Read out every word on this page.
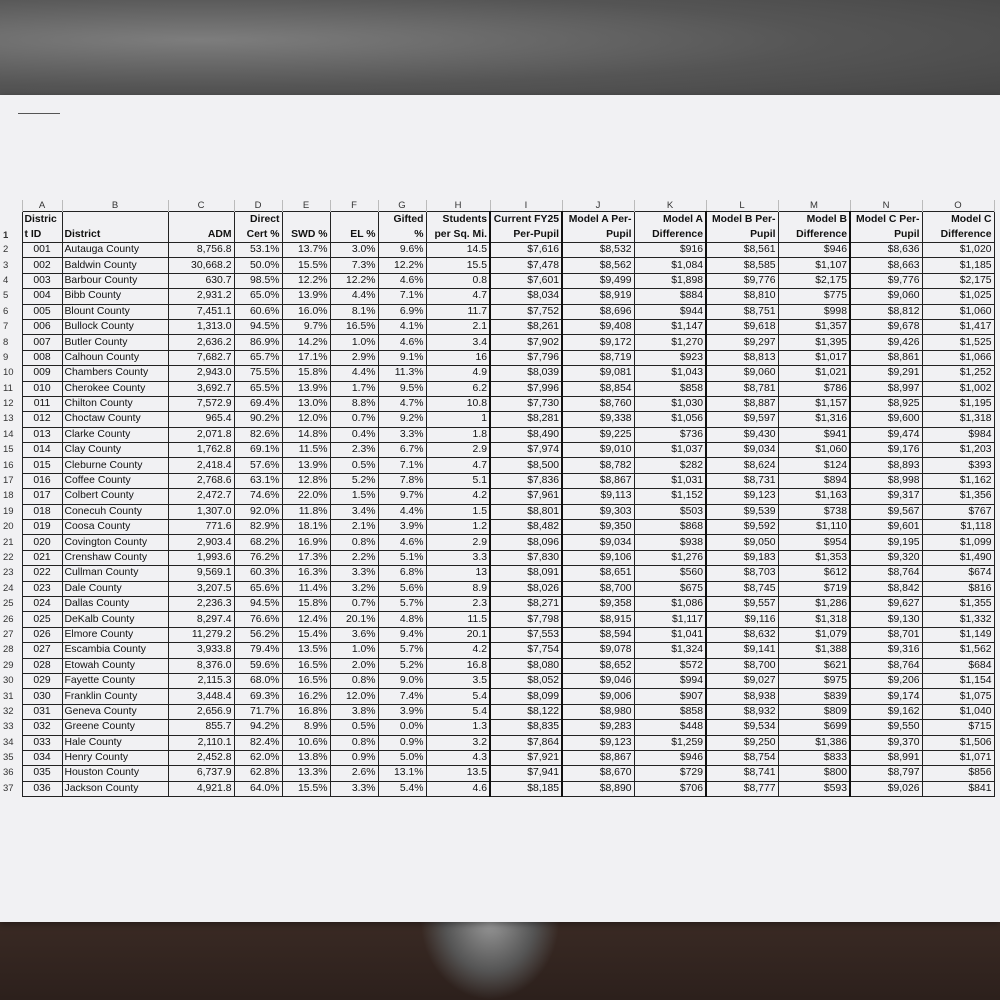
	A	B	C	D	E	F	G	H	I	J	K	L	M	N	O
	Distric			Direct			Gifted	Students	Current FY25	Model A Per-	Model A	Model B Per-	Model B	Model C Per-	Model C
1	t ID	District	ADM	Cert %	SWD %	EL %	%	per Sq. Mi.	Per-Pupil	Pupil	Difference	Pupil	Difference	Pupil	Difference
2	001	Autauga County	8,756.8	53.1%	13.7%	3.0%	9.6%	14.5	$7,616	$8,532	$916	$8,561	$946	$8,636	$1,020
3	002	Baldwin County	30,668.2	50.0%	15.5%	7.3%	12.2%	15.5	$7,478	$8,562	$1,084	$8,585	$1,107	$8,663	$1,185
4	003	Barbour County	630.7	98.5%	12.2%	12.2%	4.6%	0.8	$7,601	$9,499	$1,898	$9,776	$2,175	$9,776	$2,175
5	004	Bibb County	2,931.2	65.0%	13.9%	4.4%	7.1%	4.7	$8,034	$8,919	$884	$8,810	$775	$9,060	$1,025
6	005	Blount County	7,451.1	60.6%	16.0%	8.1%	6.9%	11.7	$7,752	$8,696	$944	$8,751	$998	$8,812	$1,060
7	006	Bullock County	1,313.0	94.5%	9.7%	16.5%	4.1%	2.1	$8,261	$9,408	$1,147	$9,618	$1,357	$9,678	$1,417
8	007	Butler County	2,636.2	86.9%	14.2%	1.0%	4.6%	3.4	$7,902	$9,172	$1,270	$9,297	$1,395	$9,426	$1,525
9	008	Calhoun County	7,682.7	65.7%	17.1%	2.9%	9.1%	16	$7,796	$8,719	$923	$8,813	$1,017	$8,861	$1,066
10	009	Chambers County	2,943.0	75.5%	15.8%	4.4%	11.3%	4.9	$8,039	$9,081	$1,043	$9,060	$1,021	$9,291	$1,252
11	010	Cherokee County	3,692.7	65.5%	13.9%	1.7%	9.5%	6.2	$7,996	$8,854	$858	$8,781	$786	$8,997	$1,002
12	011	Chilton County	7,572.9	69.4%	13.0%	8.8%	4.7%	10.8	$7,730	$8,760	$1,030	$8,887	$1,157	$8,925	$1,195
13	012	Choctaw County	965.4	90.2%	12.0%	0.7%	9.2%	1	$8,281	$9,338	$1,056	$9,597	$1,316	$9,600	$1,318
14	013	Clarke County	2,071.8	82.6%	14.8%	0.4%	3.3%	1.8	$8,490	$9,225	$736	$9,430	$941	$9,474	$984
15	014	Clay County	1,762.8	69.1%	11.5%	2.3%	6.7%	2.9	$7,974	$9,010	$1,037	$9,034	$1,060	$9,176	$1,203
16	015	Cleburne County	2,418.4	57.6%	13.9%	0.5%	7.1%	4.7	$8,500	$8,782	$282	$8,624	$124	$8,893	$393
17	016	Coffee County	2,768.6	63.1%	12.8%	5.2%	7.8%	5.1	$7,836	$8,867	$1,031	$8,731	$894	$8,998	$1,162
18	017	Colbert County	2,472.7	74.6%	22.0%	1.5%	9.7%	4.2	$7,961	$9,113	$1,152	$9,123	$1,163	$9,317	$1,356
19	018	Conecuh County	1,307.0	92.0%	11.8%	3.4%	4.4%	1.5	$8,801	$9,303	$503	$9,539	$738	$9,567	$767
20	019	Coosa County	771.6	82.9%	18.1%	2.1%	3.9%	1.2	$8,482	$9,350	$868	$9,592	$1,110	$9,601	$1,118
21	020	Covington County	2,903.4	68.2%	16.9%	0.8%	4.6%	2.9	$8,096	$9,034	$938	$9,050	$954	$9,195	$1,099
22	021	Crenshaw County	1,993.6	76.2%	17.3%	2.2%	5.1%	3.3	$7,830	$9,106	$1,276	$9,183	$1,353	$9,320	$1,490
23	022	Cullman County	9,569.1	60.3%	16.3%	3.3%	6.8%	13	$8,091	$8,651	$560	$8,703	$612	$8,764	$674
24	023	Dale County	3,207.5	65.6%	11.4%	3.2%	5.6%	8.9	$8,026	$8,700	$675	$8,745	$719	$8,842	$816
25	024	Dallas County	2,236.3	94.5%	15.8%	0.7%	5.7%	2.3	$8,271	$9,358	$1,086	$9,557	$1,286	$9,627	$1,355
26	025	DeKalb County	8,297.4	76.6%	12.4%	20.1%	4.8%	11.5	$7,798	$8,915	$1,117	$9,116	$1,318	$9,130	$1,332
27	026	Elmore County	11,279.2	56.2%	15.4%	3.6%	9.4%	20.1	$7,553	$8,594	$1,041	$8,632	$1,079	$8,701	$1,149
28	027	Escambia County	3,933.8	79.4%	13.5%	1.0%	5.7%	4.2	$7,754	$9,078	$1,324	$9,141	$1,388	$9,316	$1,562
29	028	Etowah County	8,376.0	59.6%	16.5%	2.0%	5.2%	16.8	$8,080	$8,652	$572	$8,700	$621	$8,764	$684
30	029	Fayette County	2,115.3	68.0%	16.5%	0.8%	9.0%	3.5	$8,052	$9,046	$994	$9,027	$975	$9,206	$1,154
31	030	Franklin County	3,448.4	69.3%	16.2%	12.0%	7.4%	5.4	$8,099	$9,006	$907	$8,938	$839	$9,174	$1,075
32	031	Geneva County	2,656.9	71.7%	16.8%	3.8%	3.9%	5.4	$8,122	$8,980	$858	$8,932	$809	$9,162	$1,040
33	032	Greene County	855.7	94.2%	8.9%	0.5%	0.0%	1.3	$8,835	$9,283	$448	$9,534	$699	$9,550	$715
34	033	Hale County	2,110.1	82.4%	10.6%	0.8%	0.9%	3.2	$7,864	$9,123	$1,259	$9,250	$1,386	$9,370	$1,506
35	034	Henry County	2,452.8	62.0%	13.8%	0.9%	5.0%	4.3	$7,921	$8,867	$946	$8,754	$833	$8,991	$1,071
36	035	Houston County	6,737.9	62.8%	13.3%	2.6%	13.1%	13.5	$7,941	$8,670	$729	$8,741	$800	$8,797	$856
37	036	Jackson County	4,921.8	64.0%	15.5%	3.3%	5.4%	4.6	$8,185	$8,890	$706	$8,777	$593	$9,026	$841
